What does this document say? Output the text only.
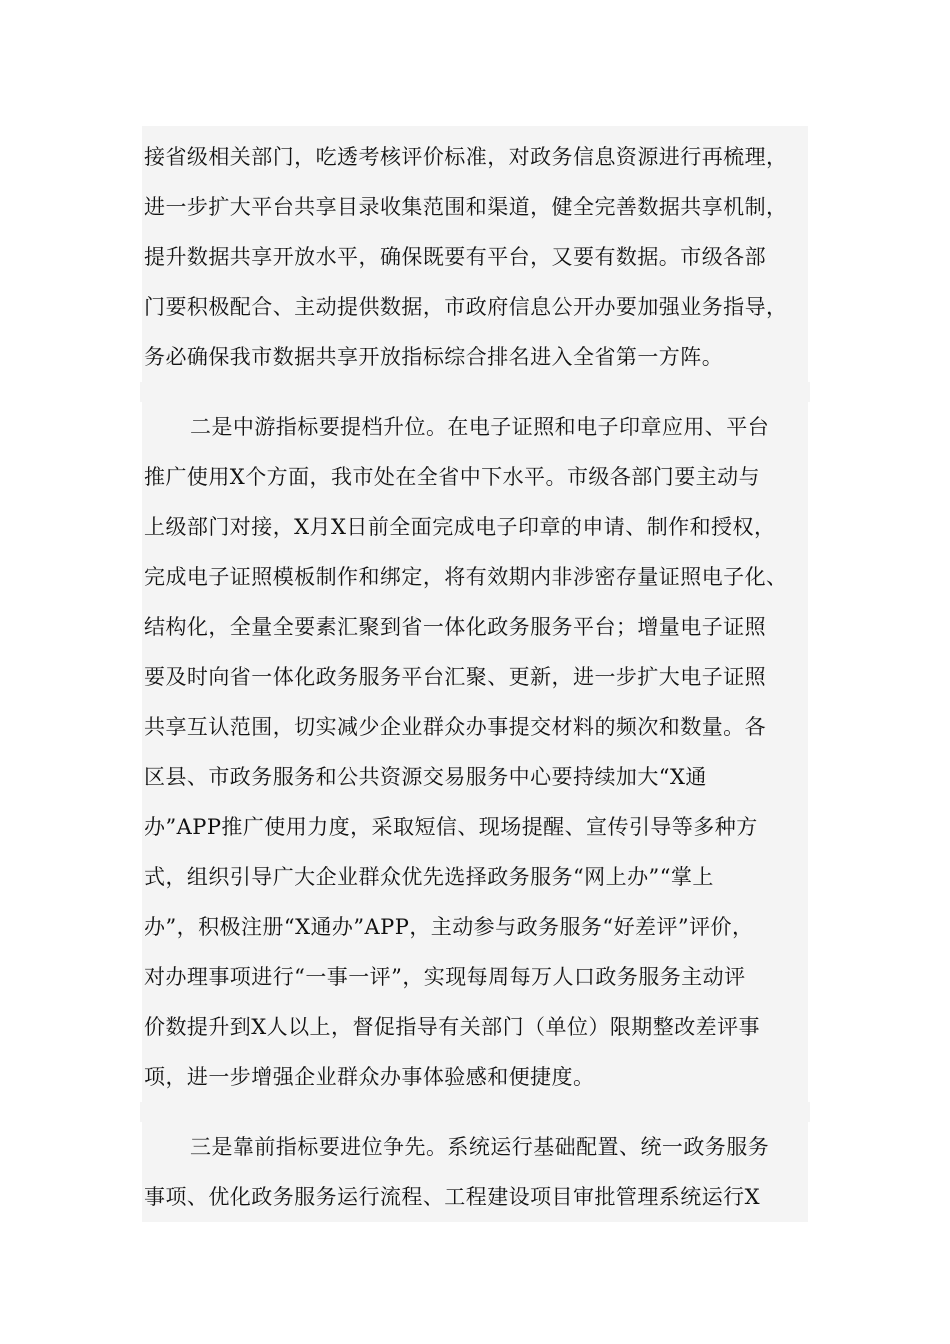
接省级相关部门，吃透考核评价标准，对政务信息资源进行再梳理，
进一步扩大平台共享目录收集范围和渠道，健全完善数据共享机制，
提升数据共享开放水平，确保既要有平台，又要有数据。市级各部
门要积极配合、主动提供数据，市政府信息公开办要加强业务指导，
务必确保我市数据共享开放指标综合排名进入全省第一方阵。
二是中游指标要提档升位。在电子证照和电子印章应用、平台
推广使用X个方面，我市处在全省中下水平。市级各部门要主动与
上级部门对接，X月X日前全面完成电子印章的申请、制作和授权，
完成电子证照模板制作和绑定，将有效期内非涉密存量证照电子化、
结构化，全量全要素汇聚到省一体化政务服务平台；增量电子证照
要及时向省一体化政务服务平台汇聚、更新，进一步扩大电子证照
共享互认范围，切实减少企业群众办事提交材料的频次和数量。各
区县、市政务服务和公共资源交易服务中心要持续加大“X通
办”APP推广使用力度，采取短信、现场提醒、宣传引导等多种方
式，组织引导广大企业群众优先选择政务服务“网上办”“掌上
办”，积极注册“X通办”APP，主动参与政务服务“好差评”评价，
对办理事项进行“一事一评”，实现每周每万人口政务服务主动评
价数提升到X人以上，督促指导有关部门（单位）限期整改差评事
项，进一步增强企业群众办事体验感和便捷度。
三是靠前指标要进位争先。系统运行基础配置、统一政务服务
事项、优化政务服务运行流程、工程建设项目审批管理系统运行X
